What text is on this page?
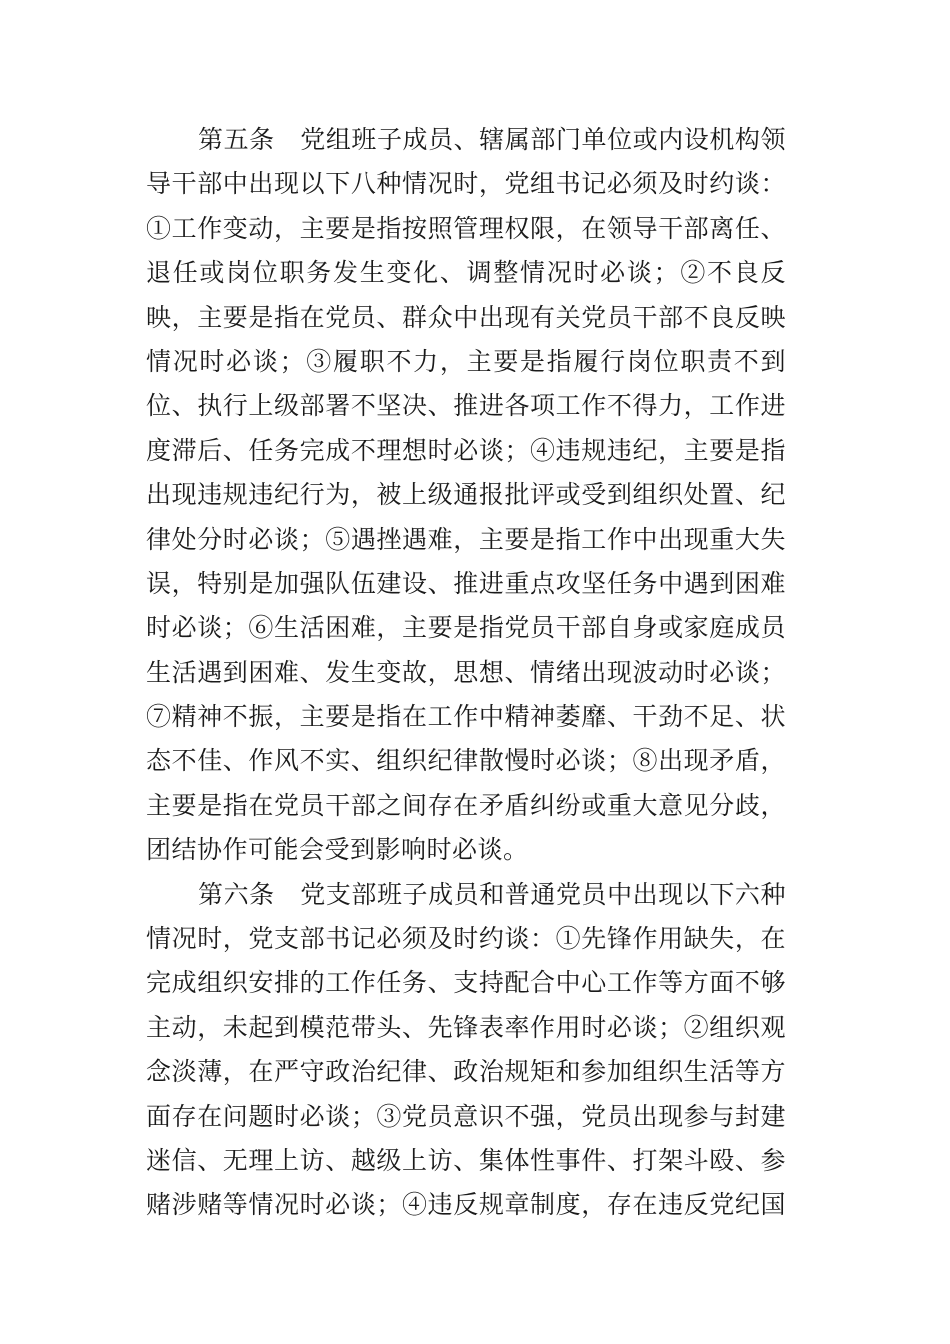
第五条　党组班子成员、辖属部门单位或内设机构领
导干部中出现以下八种情况时，党组书记必须及时约谈：
①工作变动，主要是指按照管理权限，在领导干部离任、
退任或岗位职务发生变化、调整情况时必谈；②不良反
映，主要是指在党员、群众中出现有关党员干部不良反映
情况时必谈；③履职不力，主要是指履行岗位职责不到
位、执行上级部署不坚决、推进各项工作不得力，工作进
度滞后、任务完成不理想时必谈；④违规违纪，主要是指
出现违规违纪行为，被上级通报批评或受到组织处置、纪
律处分时必谈；⑤遇挫遇难，主要是指工作中出现重大失
误，特别是加强队伍建设、推进重点攻坚任务中遇到困难
时必谈；⑥生活困难，主要是指党员干部自身或家庭成员
生活遇到困难、发生变故，思想、情绪出现波动时必谈；
⑦精神不振，主要是指在工作中精神萎靡、干劲不足、状
态不佳、作风不实、组织纪律散慢时必谈；⑧出现矛盾，
主要是指在党员干部之间存在矛盾纠纷或重大意见分歧，
团结协作可能会受到影响时必谈。
第六条　党支部班子成员和普通党员中出现以下六种
情况时，党支部书记必须及时约谈：①先锋作用缺失，在
完成组织安排的工作任务、支持配合中心工作等方面不够
主动，未起到模范带头、先锋表率作用时必谈；②组织观
念淡薄，在严守政治纪律、政治规矩和参加组织生活等方
面存在问题时必谈；③党员意识不强，党员出现参与封建
迷信、无理上访、越级上访、集体性事件、打架斗殴、参
赌涉赌等情况时必谈；④违反规章制度，存在违反党纪国
